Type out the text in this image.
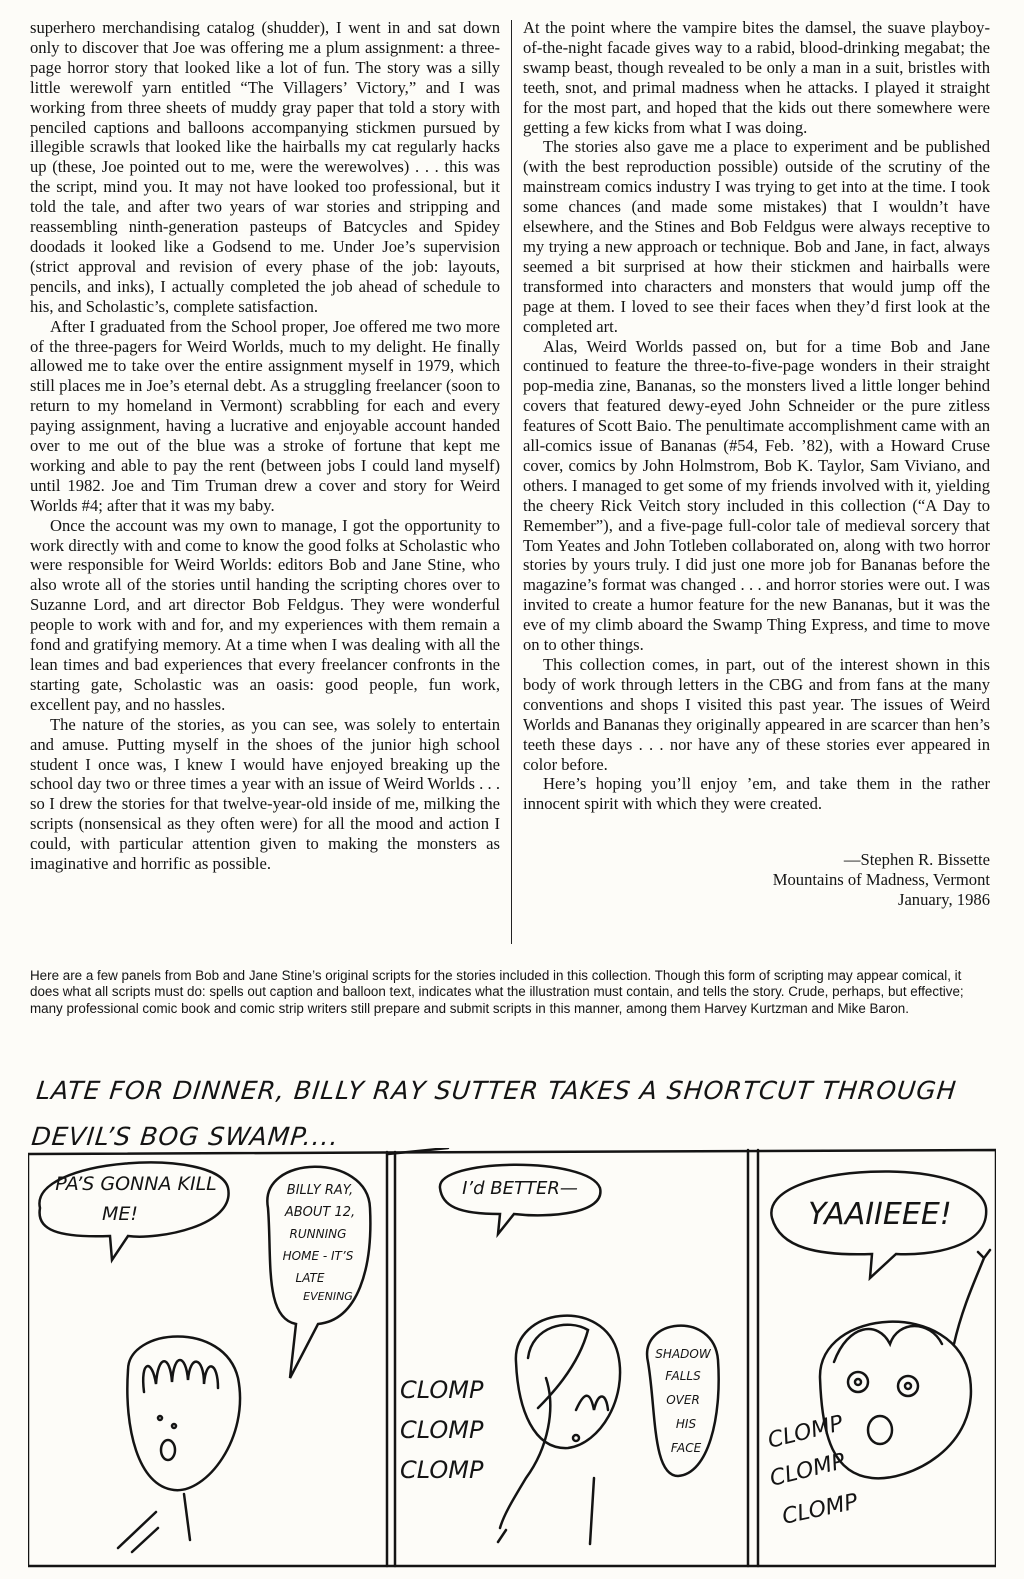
superhero merchandising catalog (shudder), I went in and sat down only to discover that Joe was offering me a plum assignment: a three-page horror story that looked like a lot of fun. The story was a silly little werewolf yarn entitled “The Villagers’ Victory,” and I was working from three sheets of muddy gray paper that told a story with penciled captions and balloons accompanying stickmen pursued by illegible scrawls that looked like the hairballs my cat regularly hacks up (these, Joe pointed out to me, were the werewolves) . . . this was the script, mind you. It may not have looked too professional, but it told the tale, and after two years of war stories and stripping and reassembling ninth-generation pasteups of Batcycles and Spidey doodads it looked like a Godsend to me. Under Joe’s supervision (strict approval and revision of every phase of the job: layouts, pencils, and inks), I actually completed the job ahead of schedule to his, and Scholastic’s, complete satisfaction.

After I graduated from the School proper, Joe offered me two more of the three-pagers for Weird Worlds, much to my delight. He finally allowed me to take over the entire assignment myself in 1979, which still places me in Joe’s eternal debt. As a struggling freelancer (soon to return to my homeland in Vermont) scrabbling for each and every paying assignment, having a lucrative and enjoyable account handed over to me out of the blue was a stroke of fortune that kept me working and able to pay the rent (between jobs I could land myself) until 1982. Joe and Tim Truman drew a cover and story for Weird Worlds #4; after that it was my baby.

Once the account was my own to manage, I got the opportunity to work directly with and come to know the good folks at Scholastic who were responsible for Weird Worlds: editors Bob and Jane Stine, who also wrote all of the stories until handing the scripting chores over to Suzanne Lord, and art director Bob Feldgus. They were wonderful people to work with and for, and my experiences with them remain a fond and gratifying memory. At a time when I was dealing with all the lean times and bad experiences that every freelancer confronts in the starting gate, Scholastic was an oasis: good people, fun work, excellent pay, and no hassles.

The nature of the stories, as you can see, was solely to entertain and amuse. Putting myself in the shoes of the junior high school student I once was, I knew I would have enjoyed breaking up the school day two or three times a year with an issue of Weird Worlds . . . so I drew the stories for that twelve-year-old inside of me, milking the scripts (nonsensical as they often were) for all the mood and action I could, with particular attention given to making the monsters as imaginative and horrific as possible.

At the point where the vampire bites the damsel, the suave playboy-of-the-night facade gives way to a rabid, blood-drinking megabat; the swamp beast, though revealed to be only a man in a suit, bristles with teeth, snot, and primal madness when he attacks. I played it straight for the most part, and hoped that the kids out there somewhere were getting a few kicks from what I was doing.

The stories also gave me a place to experiment and be published (with the best reproduction possible) outside of the scrutiny of the mainstream comics industry I was trying to get into at the time. I took some chances (and made some mistakes) that I wouldn’t have elsewhere, and the Stines and Bob Feldgus were always receptive to my trying a new approach or technique. Bob and Jane, in fact, always seemed a bit surprised at how their stickmen and hairballs were transformed into characters and monsters that would jump off the page at them. I loved to see their faces when they’d first look at the completed art.

Alas, Weird Worlds passed on, but for a time Bob and Jane continued to feature the three-to-five-page wonders in their straight pop-media zine, Bananas, so the monsters lived a little longer behind covers that featured dewy-eyed John Schneider or the pure zitless features of Scott Baio. The penultimate accomplishment came with an all-comics issue of Bananas (#54, Feb. ’82), with a Howard Cruse cover, comics by John Holmstrom, Bob K. Taylor, Sam Viviano, and others. I managed to get some of my friends involved with it, yielding the cheery Rick Veitch story included in this collection (“A Day to Remember”), and a five-page full-color tale of medieval sorcery that Tom Yeates and John Totleben collaborated on, along with two horror stories by yours truly. I did just one more job for Bananas before the magazine’s format was changed . . . and horror stories were out. I was invited to create a humor feature for the new Bananas, but it was the eve of my climb aboard the Swamp Thing Express, and time to move on to other things.

This collection comes, in part, out of the interest shown in this body of work through letters in the CBG and from fans at the many conventions and shops I visited this past year. The issues of Weird Worlds and Bananas they originally appeared in are scarcer than hen’s teeth these days . . . nor have any of these stories ever appeared in color before.

Here’s hoping you’ll enjoy ’em, and take them in the rather innocent spirit with which they were created.

—Stephen R. Bissette
Mountains of Madness, Vermont
January, 1986

Here are a few panels from Bob and Jane Stine’s original scripts for the stories included in this collection. Though this form of scripting may appear comical, it does what all scripts must do: spells out caption and balloon text, indicates what the illustration must contain, and tells the story. Crude, perhaps, but effective; many professional comic book and comic strip writers still prepare and submit scripts in this manner, among them Harvey Kurtzman and Mike Baron.

LATE FOR DINNER, BILLY RAY SUTTER TAKES A SHORTCUT THROUGH
DEVIL’S BOG SWAMP....
PA’S GONNA KILL
ME!
BILLY RAY,
ABOUT 12,
RUNNING
HOME - IT’S
LATE
EVENING
I’d BETTER—
CLOMP
CLOMP
CLOMP
SHADOW
FALLS
OVER
HIS
FACE
YAAIIEEE!
CLOMP
CLOMP
CLOMP
